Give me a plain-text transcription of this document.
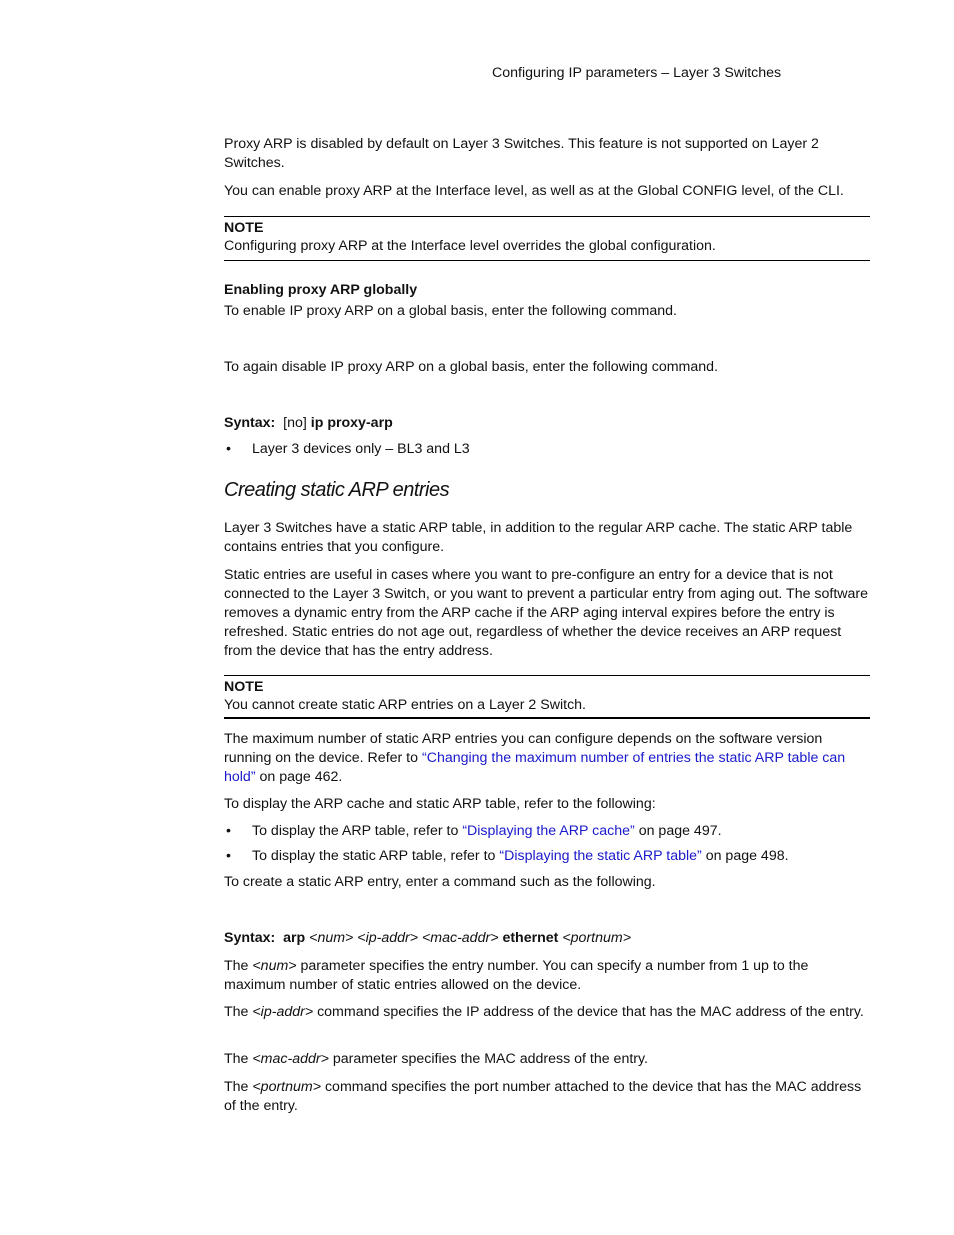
Configuring IP parameters – Layer 3 Switches

Proxy ARP is disabled by default on Layer 3 Switches. This feature is not supported on Layer 2 Switches.

You can enable proxy ARP at the Interface level, as well as at the Global CONFIG level, of the CLI.

NOTE

Configuring proxy ARP at the Interface level overrides the global configuration.

Enabling proxy ARP globally

To enable IP proxy ARP on a global basis, enter the following command.

To again disable IP proxy ARP on a global basis, enter the following command.

Syntax: [no] ip proxy-arp
• Layer 3 devices only – BL3 and L3
Creating static ARP entries

Layer 3 Switches have a static ARP table, in addition to the regular ARP cache. The static ARP table contains entries that you configure.

Static entries are useful in cases where you want to pre-configure an entry for a device that is not connected to the Layer 3 Switch, or you want to prevent a particular entry from aging out. The software removes a dynamic entry from the ARP cache if the ARP aging interval expires before the entry is refreshed. Static entries do not age out, regardless of whether the device receives an ARP request from the device that has the entry address.

NOTE

You cannot create static ARP entries on a Layer 2 Switch.

The maximum number of static ARP entries you can configure depends on the software version running on the device. Refer to “Changing the maximum number of entries the static ARP table can hold” on page 462.

To display the ARP cache and static ARP table, refer to the following:

• To display the ARP table, refer to “Displaying the ARP cache” on page 497.
• To display the static ARP table, refer to “Displaying the static ARP table” on page 498.

To create a static ARP entry, enter a command such as the following.

Syntax: arp <num> <ip-addr> <mac-addr> ethernet <portnum>

The <num> parameter specifies the entry number. You can specify a number from 1 up to the maximum number of static entries allowed on the device.

The <ip-addr> command specifies the IP address of the device that has the MAC address of the entry.

The <mac-addr> parameter specifies the MAC address of the entry.

The <portnum> command specifies the port number attached to the device that has the MAC address of the entry.
